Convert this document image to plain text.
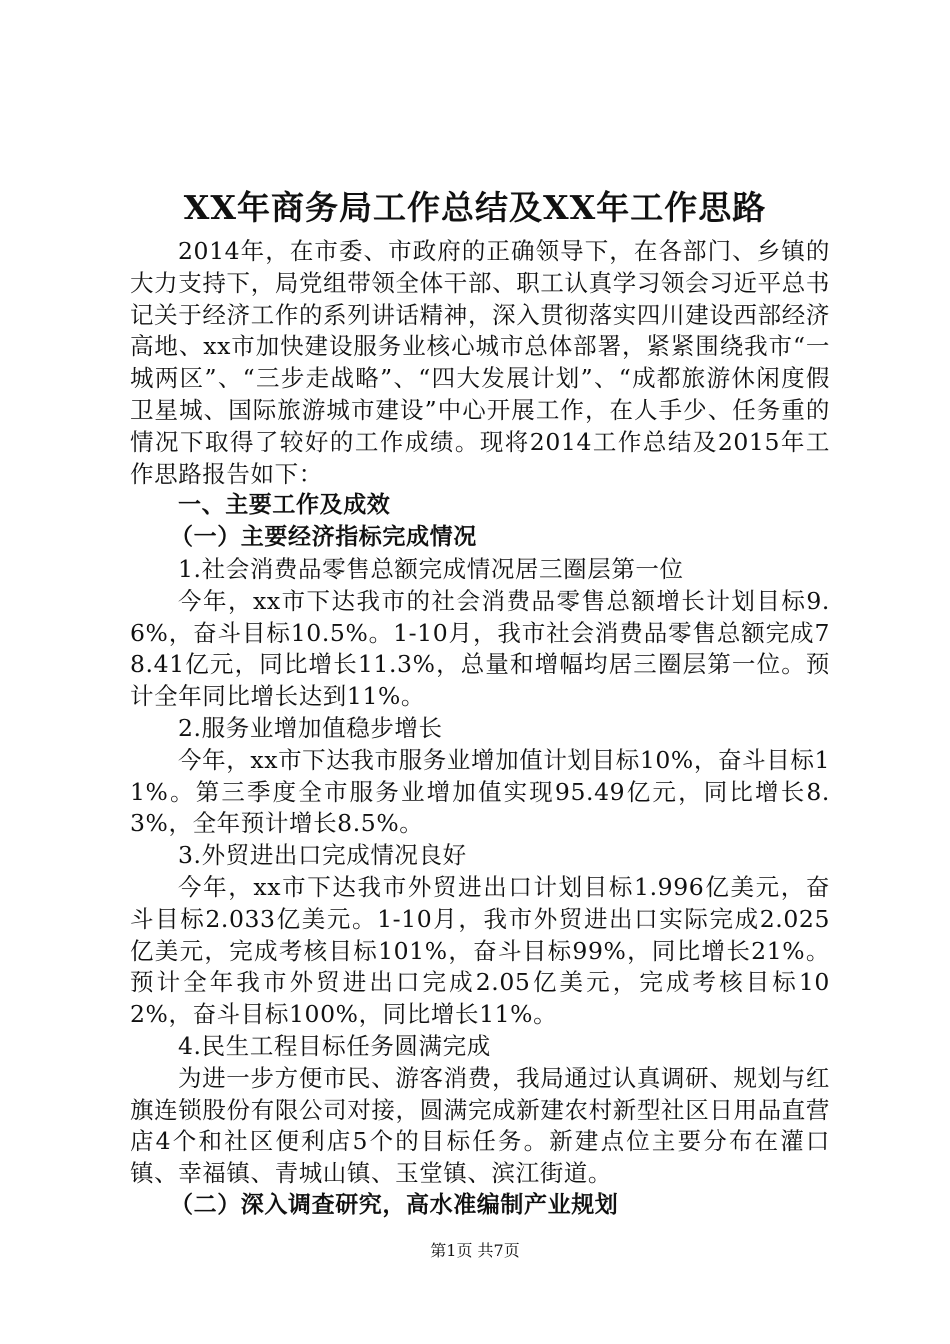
XX年商务局工作总结及XX年工作思路

2014年，在市委、市政府的正确领导下，在各部门、乡镇的大力支持下，局党组带领全体干部、职工认真学习领会习近平总书记关于经济工作的系列讲话精神，深入贯彻落实四川建设西部经济高地、xx市加快建设服务业核心城市总体部署，紧紧围绕我市“一城两区”、“三步走战略”、“四大发展计划”、“成都旅游休闲度假卫星城、国际旅游城市建设”中心开展工作，在人手少、任务重的情况下取得了较好的工作成绩。现将2014工作总结及2015年工作思路报告如下：

一、主要工作及成效

（一）主要经济指标完成情况

1.社会消费品零售总额完成情况居三圈层第一位

今年，xx市下达我市的社会消费品零售总额增长计划目标9.6%，奋斗目标10.5%。1-10月，我市社会消费品零售总额完成78.41亿元，同比增长11.3%，总量和增幅均居三圈层第一位。预计全年同比增长达到11%。

2.服务业增加值稳步增长

今年，xx市下达我市服务业增加值计划目标10%，奋斗目标11%。第三季度全市服务业增加值实现95.49亿元，同比增长8.3%，全年预计增长8.5%。

3.外贸进出口完成情况良好

今年，xx市下达我市外贸进出口计划目标1.996亿美元，奋斗目标2.033亿美元。1-10月，我市外贸进出口实际完成2.025亿美元，完成考核目标101%，奋斗目标99%，同比增长21%。预计全年我市外贸进出口完成2.05亿美元，完成考核目标102%，奋斗目标100%，同比增长11%。

4.民生工程目标任务圆满完成

为进一步方便市民、游客消费，我局通过认真调研、规划与红旗连锁股份有限公司对接，圆满完成新建农村新型社区日用品直营店4个和社区便利店5个的目标任务。新建点位主要分布在灌口镇、幸福镇、青城山镇、玉堂镇、滨江街道。

（二）深入调查研究，高水准编制产业规划

第1页 共7页
